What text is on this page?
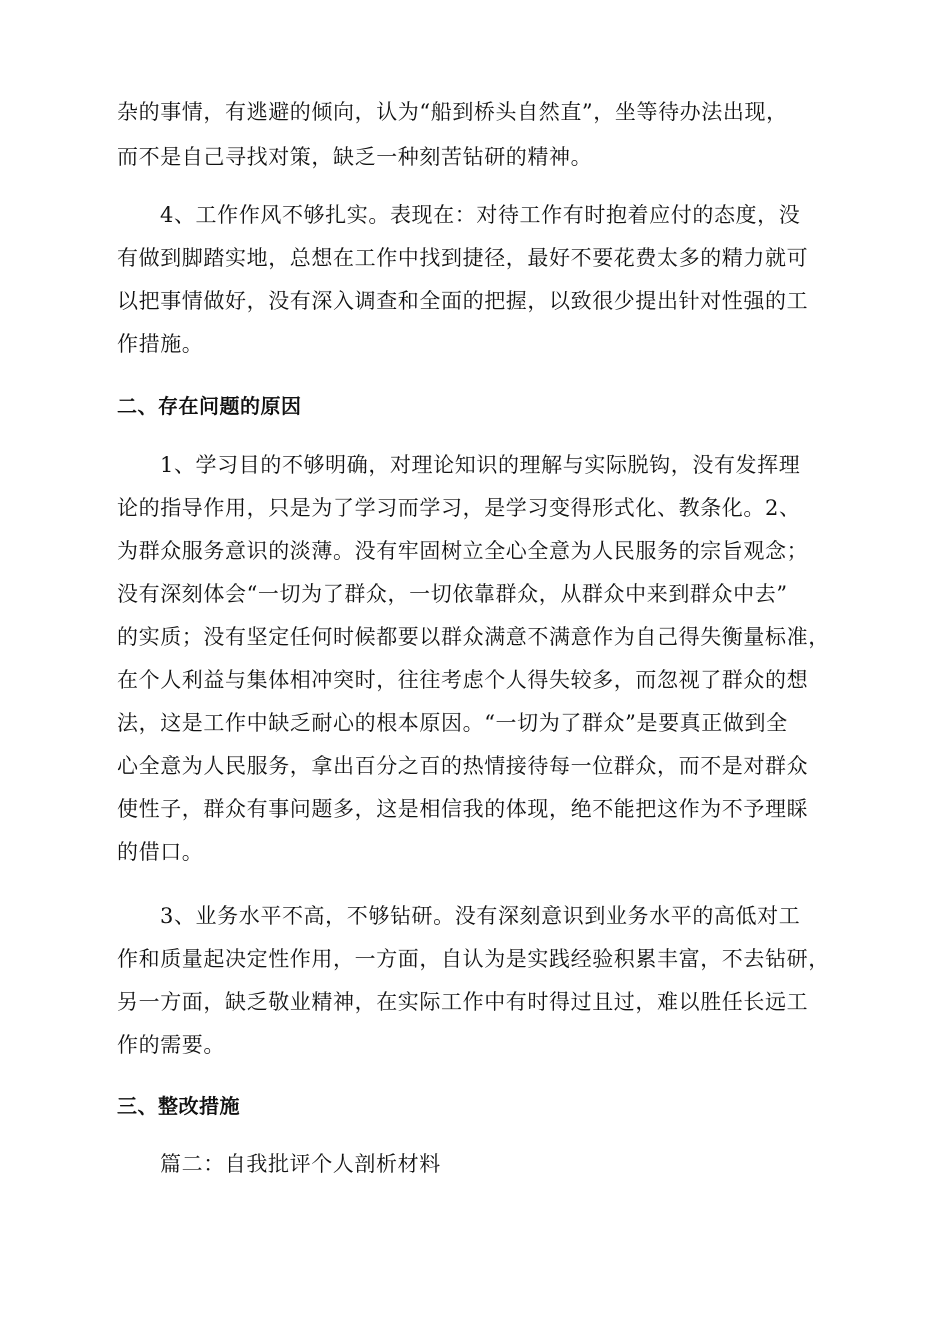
杂的事情，有逃避的倾向，认为“船到桥头自然直”，坐等待办法出现，
而不是自己寻找对策，缺乏一种刻苦钻研的精神。
4、工作作风不够扎实。表现在：对待工作有时抱着应付的态度，没
有做到脚踏实地，总想在工作中找到捷径，最好不要花费太多的精力就可
以把事情做好，没有深入调查和全面的把握，以致很少提出针对性强的工
作措施。
二、存在问题的原因
1、学习目的不够明确，对理论知识的理解与实际脱钩，没有发挥理
论的指导作用，只是为了学习而学习，是学习变得形式化、教条化。2、
为群众服务意识的淡薄。没有牢固树立全心全意为人民服务的宗旨观念；
没有深刻体会“一切为了群众，一切依靠群众，从群众中来到群众中去”
的实质；没有坚定任何时候都要以群众满意不满意作为自己得失衡量标准，
在个人利益与集体相冲突时，往往考虑个人得失较多，而忽视了群众的想
法，这是工作中缺乏耐心的根本原因。“一切为了群众”是要真正做到全
心全意为人民服务，拿出百分之百的热情接待每一位群众，而不是对群众
使性子，群众有事问题多，这是相信我的体现，绝不能把这作为不予理睬
的借口。
3、业务水平不高，不够钻研。没有深刻意识到业务水平的高低对工
作和质量起决定性作用，一方面，自认为是实践经验积累丰富，不去钻研，
另一方面，缺乏敬业精神，在实际工作中有时得过且过，难以胜任长远工
作的需要。
三、整改措施
篇二：自我批评个人剖析材料
